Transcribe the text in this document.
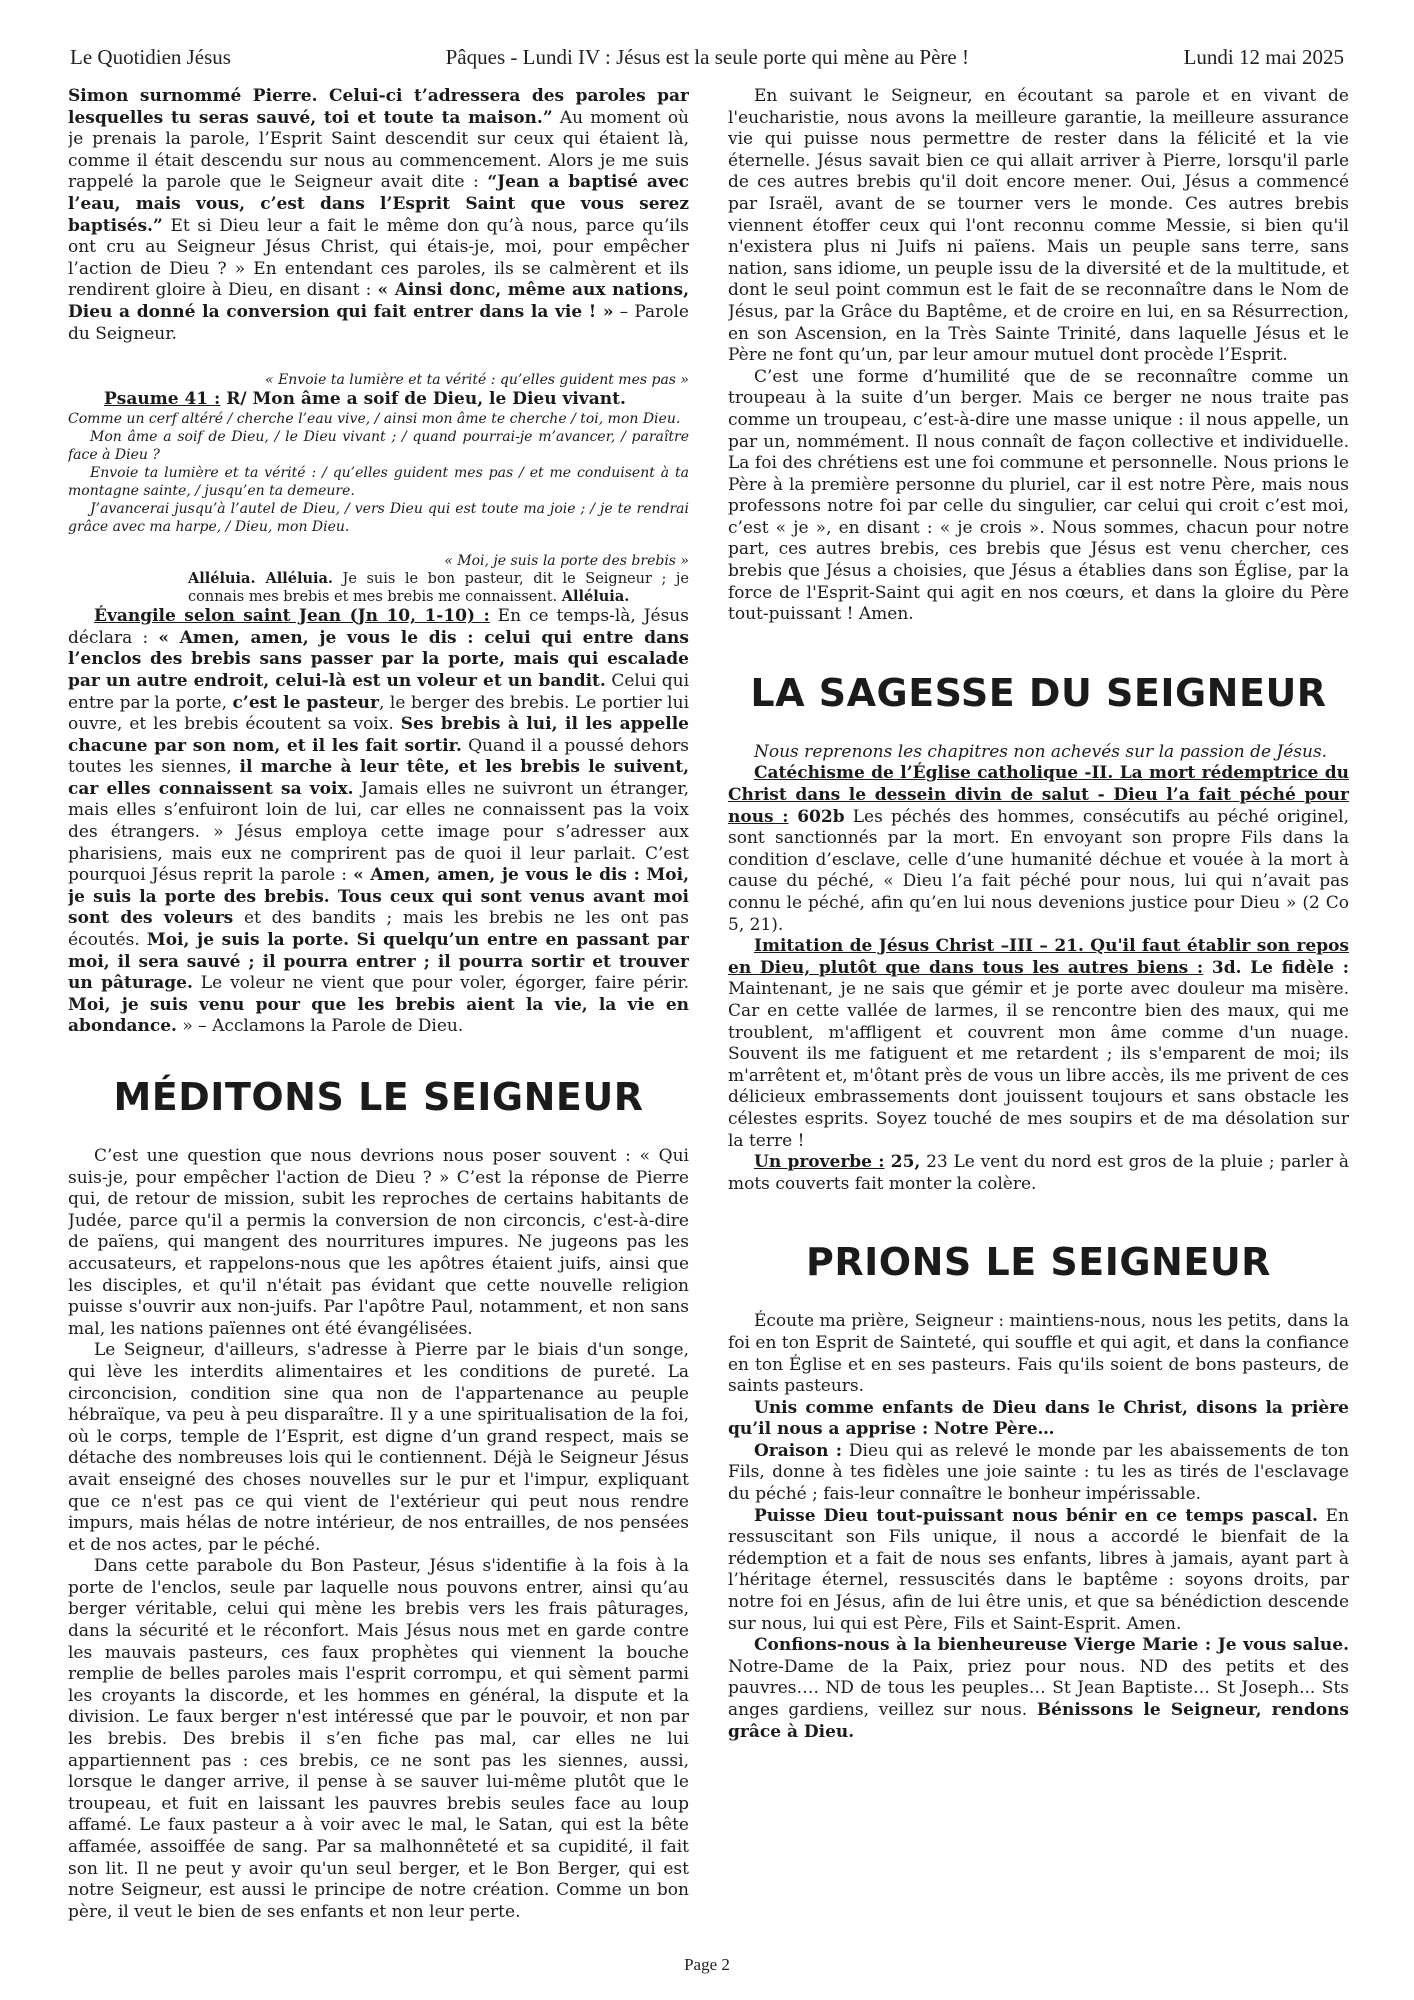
Le Quotidien Jésus	Pâques - Lundi IV : Jésus est la seule porte qui mène au Père !	Lundi 12 mai 2025

Simon surnommé Pierre. Celui-ci t’adressera des paroles par lesquelles tu seras sauvé, toi et toute ta maison.” Au moment où je prenais la parole, l’Esprit Saint descendit sur ceux qui étaient là, comme il était descendu sur nous au commencement. Alors je me suis rappelé la parole que le Seigneur avait dite : “Jean a baptisé avec l’eau, mais vous, c’est dans l’Esprit Saint que vous serez baptisés.” Et si Dieu leur a fait le même don qu’à nous, parce qu’ils ont cru au Seigneur Jésus Christ, qui étais-je, moi, pour empêcher l’action de Dieu ? » En entendant ces paroles, ils se calmèrent et ils rendirent gloire à Dieu, en disant : « Ainsi donc, même aux nations, Dieu a donné la conversion qui fait entrer dans la vie ! » – Parole du Seigneur.

« Envoie ta lumière et ta vérité : qu’elles guident mes pas »

Psaume 41 : R/ Mon âme a soif de Dieu, le Dieu vivant.

Comme un cerf altéré / cherche l’eau vive, / ainsi mon âme te cherche / toi, mon Dieu.

Mon âme a soif de Dieu, / le Dieu vivant ; / quand pourrai-je m’avancer, / paraître face à Dieu ?

Envoie ta lumière et ta vérité : / qu’elles guident mes pas / et me conduisent à ta montagne sainte, / jusqu’en ta demeure.

J’avancerai jusqu’à l’autel de Dieu, / vers Dieu qui est toute ma joie ; / je te rendrai grâce avec ma harpe, / Dieu, mon Dieu.

« Moi, je suis la porte des brebis »

Alléluia. Alléluia. Je suis le bon pasteur, dit le Seigneur ; je connais mes brebis et mes brebis me connaissent. Alléluia.

Évangile selon saint Jean (Jn 10, 1-10) : En ce temps-là, Jésus déclara : « Amen, amen, je vous le dis : celui qui entre dans l’enclos des brebis sans passer par la porte, mais qui escalade par un autre endroit, celui-là est un voleur et un bandit. Celui qui entre par la porte, c’est le pasteur, le berger des brebis. Le portier lui ouvre, et les brebis écoutent sa voix. Ses brebis à lui, il les appelle chacune par son nom, et il les fait sortir. Quand il a poussé dehors toutes les siennes, il marche à leur tête, et les brebis le suivent, car elles connaissent sa voix. Jamais elles ne suivront un étranger, mais elles s’enfuiront loin de lui, car elles ne connaissent pas la voix des étrangers. » Jésus employa cette image pour s’adresser aux pharisiens, mais eux ne comprirent pas de quoi il leur parlait. C’est pourquoi Jésus reprit la parole : « Amen, amen, je vous le dis : Moi, je suis la porte des brebis. Tous ceux qui sont venus avant moi sont des voleurs et des bandits ; mais les brebis ne les ont pas écoutés. Moi, je suis la porte. Si quelqu’un entre en passant par moi, il sera sauvé ; il pourra entrer ; il pourra sortir et trouver un pâturage. Le voleur ne vient que pour voler, égorger, faire périr. Moi, je suis venu pour que les brebis aient la vie, la vie en abondance. » – Acclamons la Parole de Dieu.

MÉDITONS LE SEIGNEUR

C’est une question que nous devrions nous poser souvent : « Qui suis-je, pour empêcher l'action de Dieu ? » C’est la réponse de Pierre qui, de retour de mission, subit les reproches de certains habitants de Judée, parce qu'il a permis la conversion de non circoncis, c'est-à-dire de païens, qui mangent des nourritures impures. Ne jugeons pas les accusateurs, et rappelons-nous que les apôtres étaient juifs, ainsi que les disciples, et qu'il n'était pas évidant que cette nouvelle religion puisse s'ouvrir aux non-juifs. Par l'apôtre Paul, notamment, et non sans mal, les nations païennes ont été évangélisées.

Le Seigneur, d'ailleurs, s'adresse à Pierre par le biais d'un songe, qui lève les interdits alimentaires et les conditions de pureté. La circoncision, condition sine qua non de l'appartenance au peuple hébraïque, va peu à peu disparaître. Il y a une spiritualisation de la foi, où le corps, temple de l’Esprit, est digne d’un grand respect, mais se détache des nombreuses lois qui le contiennent. Déjà le Seigneur Jésus avait enseigné des choses nouvelles sur le pur et l'impur, expliquant que ce n'est pas ce qui vient de l'extérieur qui peut nous rendre impurs, mais hélas de notre intérieur, de nos entrailles, de nos pensées et de nos actes, par le péché.

Dans cette parabole du Bon Pasteur, Jésus s'identifie à la fois à la porte de l'enclos, seule par laquelle nous pouvons entrer, ainsi qu’au berger véritable, celui qui mène les brebis vers les frais pâturages, dans la sécurité et le réconfort. Mais Jésus nous met en garde contre les mauvais pasteurs, ces faux prophètes qui viennent la bouche remplie de belles paroles mais l'esprit corrompu, et qui sèment parmi les croyants la discorde, et les hommes en général, la dispute et la division. Le faux berger n'est intéressé que par le pouvoir, et non par les brebis. Des brebis il s’en fiche pas mal, car elles ne lui appartiennent pas : ces brebis, ce ne sont pas les siennes, aussi, lorsque le danger arrive, il pense à se sauver lui-même plutôt que le troupeau, et fuit en laissant les pauvres brebis seules face au loup affamé. Le faux pasteur a à voir avec le mal, le Satan, qui est la bête affamée, assoiffée de sang. Par sa malhonnêteté et sa cupidité, il fait son lit. Il ne peut y avoir qu'un seul berger, et le Bon Berger, qui est notre Seigneur, est aussi le principe de notre création. Comme un bon père, il veut le bien de ses enfants et non leur perte.

En suivant le Seigneur, en écoutant sa parole et en vivant de l'eucharistie, nous avons la meilleure garantie, la meilleure assurance vie qui puisse nous permettre de rester dans la félicité et la vie éternelle. Jésus savait bien ce qui allait arriver à Pierre, lorsqu'il parle de ces autres brebis qu'il doit encore mener. Oui, Jésus a commencé par Israël, avant de se tourner vers le monde. Ces autres brebis viennent étoffer ceux qui l'ont reconnu comme Messie, si bien qu'il n'existera plus ni Juifs ni païens. Mais un peuple sans terre, sans nation, sans idiome, un peuple issu de la diversité et de la multitude, et dont le seul point commun est le fait de se reconnaître dans le Nom de Jésus, par la Grâce du Baptême, et de croire en lui, en sa Résurrection, en son Ascension, en la Très Sainte Trinité, dans laquelle Jésus et le Père ne font qu’un, par leur amour mutuel dont procède l’Esprit.

C’est une forme d’humilité que de se reconnaître comme un troupeau à la suite d’un berger. Mais ce berger ne nous traite pas comme un troupeau, c’est-à-dire une masse unique : il nous appelle, un par un, nommément. Il nous connaît de façon collective et individuelle. La foi des chrétiens est une foi commune et personnelle. Nous prions le Père à la première personne du pluriel, car il est notre Père, mais nous professons notre foi par celle du singulier, car celui qui croit c’est moi, c’est « je », en disant : « je crois ». Nous sommes, chacun pour notre part, ces autres brebis, ces brebis que Jésus est venu chercher, ces brebis que Jésus a choisies, que Jésus a établies dans son Église, par la force de l'Esprit-Saint qui agit en nos cœurs, et dans la gloire du Père tout-puissant ! Amen.

LA SAGESSE DU SEIGNEUR

Nous reprenons les chapitres non achevés sur la passion de Jésus.

Catéchisme de l’Église catholique -II. La mort rédemptrice du Christ dans le dessein divin de salut - Dieu l’a fait péché pour nous : 602b Les péchés des hommes, consécutifs au péché originel, sont sanctionnés par la mort. En envoyant son propre Fils dans la condition d’esclave, celle d’une humanité déchue et vouée à la mort à cause du péché, « Dieu l’a fait péché pour nous, lui qui n’avait pas connu le péché, afin qu’en lui nous devenions justice pour Dieu » (2 Co 5, 21).

Imitation de Jésus Christ –III – 21. Qu'il faut établir son repos en Dieu, plutôt que dans tous les autres biens : 3d. Le fidèle : Maintenant, je ne sais que gémir et je porte avec douleur ma misère. Car en cette vallée de larmes, il se rencontre bien des maux, qui me troublent, m'affligent et couvrent mon âme comme d'un nuage. Souvent ils me fatiguent et me retardent ; ils s'emparent de moi; ils m'arrêtent et, m'ôtant près de vous un libre accès, ils me privent de ces délicieux embrassements dont jouissent toujours et sans obstacle les célestes esprits. Soyez touché de mes soupirs et de ma désolation sur la terre !

Un proverbe : 25, 23 Le vent du nord est gros de la pluie ; parler à mots couverts fait monter la colère.

PRIONS LE SEIGNEUR

Écoute ma prière, Seigneur : maintiens-nous, nous les petits, dans la foi en ton Esprit de Sainteté, qui souffle et qui agit, et dans la confiance en ton Église et en ses pasteurs. Fais qu'ils soient de bons pasteurs, de saints pasteurs.

Unis comme enfants de Dieu dans le Christ, disons la prière qu’il nous a apprise : Notre Père…

Oraison : Dieu qui as relevé le monde par les abaissements de ton Fils, donne à tes fidèles une joie sainte : tu les as tirés de l'esclavage du péché ; fais-leur connaître le bonheur impérissable.

Puisse Dieu tout-puissant nous bénir en ce temps pascal. En ressuscitant son Fils unique, il nous a accordé le bienfait de la rédemption et a fait de nous ses enfants, libres à jamais, ayant part à l’héritage éternel, ressuscités dans le baptême : soyons droits, par notre foi en Jésus, afin de lui être unis, et que sa bénédiction descende sur nous, lui qui est Père, Fils et Saint-Esprit. Amen.

Confions-nous à la bienheureuse Vierge Marie : Je vous salue. Notre-Dame de la Paix, priez pour nous. ND des petits et des pauvres…. ND de tous les peuples… St Jean Baptiste… St Joseph... Sts anges gardiens, veillez sur nous. Bénissons le Seigneur, rendons grâce à Dieu.

Page 2
